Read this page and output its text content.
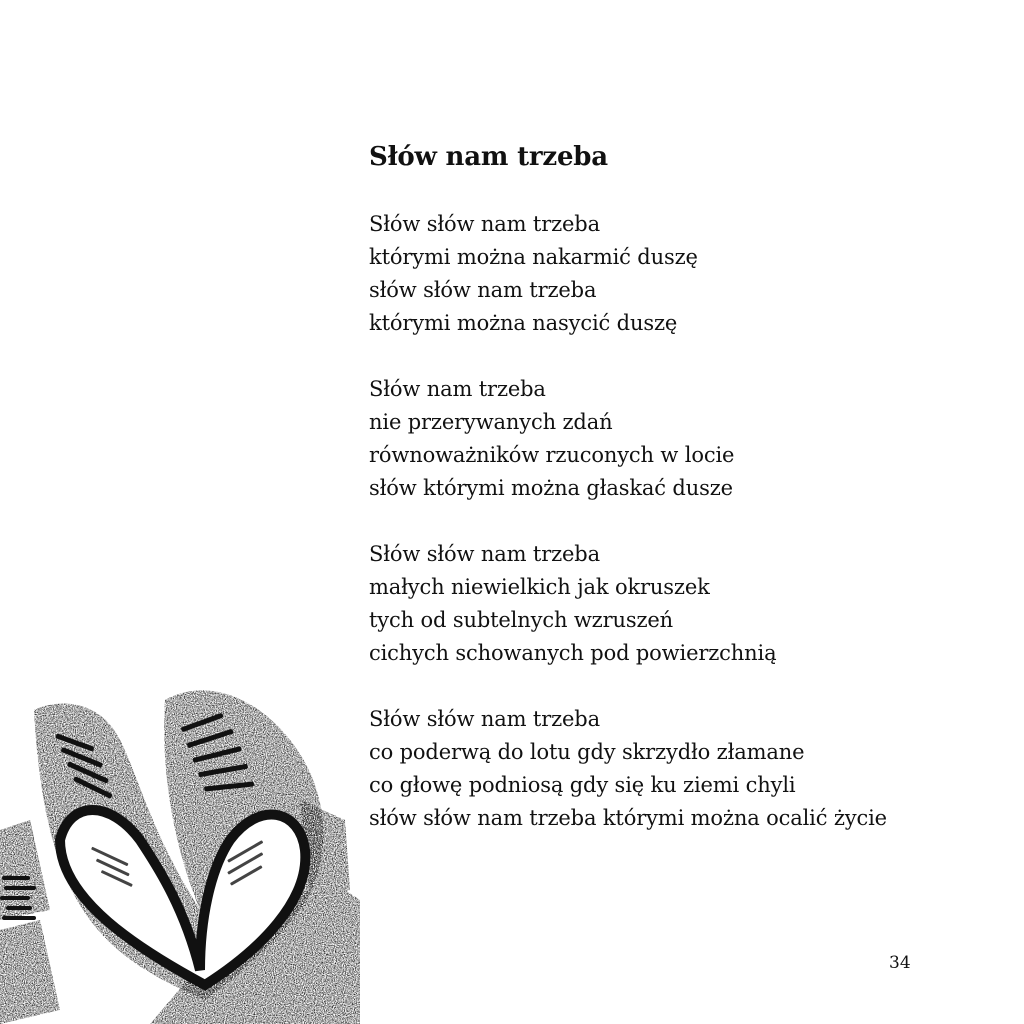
Słów nam trzeba
Słów słów nam trzeba
którymi można nakarmić duszę
słów słów nam trzeba
którymi można nasycić duszę
Słów nam trzeba
nie przerywanych zdań
równoważników rzuconych w locie
słów którymi można głaskać dusze
Słów słów nam trzeba
małych niewielkich jak okruszek
tych od subtelnych wzruszeń
cichych schowanych pod powierzchnią
Słów słów nam trzeba
co poderwą do lotu gdy skrzydło złamane
co głowę podniosą gdy się ku ziemi chyli
słów słów nam trzeba którymi można ocalić życie
34
